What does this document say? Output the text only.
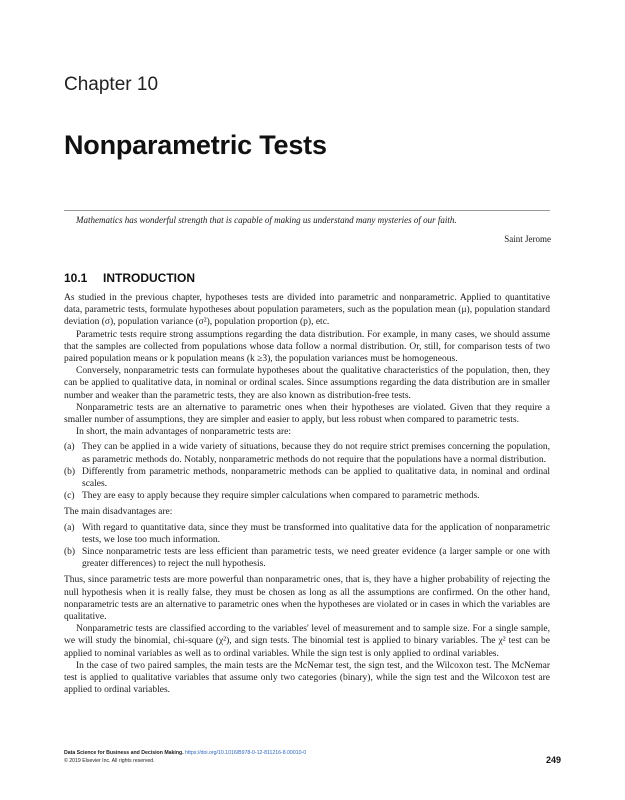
Chapter 10
Nonparametric Tests
Mathematics has wonderful strength that is capable of making us understand many mysteries of our faith.
Saint Jerome
10.1 INTRODUCTION

As studied in the previous chapter, hypotheses tests are divided into parametric and nonparametric. Applied to quantitative data, parametric tests, formulate hypotheses about population parameters, such as the population mean (μ), population standard deviation (σ), population variance (σ²), population proportion (p), etc.

Parametric tests require strong assumptions regarding the data distribution. For example, in many cases, we should assume that the samples are collected from populations whose data follow a normal distribution. Or, still, for comparison tests of two paired population means or k population means (k ≥3), the population variances must be homogeneous.

Conversely, nonparametric tests can formulate hypotheses about the qualitative characteristics of the population, then, they can be applied to qualitative data, in nominal or ordinal scales. Since assumptions regarding the data distribution are in smaller number and weaker than the parametric tests, they are also known as distribution-free tests.

Nonparametric tests are an alternative to parametric ones when their hypotheses are violated. Given that they require a smaller number of assumptions, they are simpler and easier to apply, but less robust when compared to parametric tests.

In short, the main advantages of nonparametric tests are:

(a) They can be applied in a wide variety of situations, because they do not require strict premises concerning the population, as parametric methods do. Notably, nonparametric methods do not require that the populations have a normal distribution.
(b) Differently from parametric methods, nonparametric methods can be applied to qualitative data, in nominal and ordinal scales.
(c) They are easy to apply because they require simpler calculations when compared to parametric methods.

The main disadvantages are:

(a) With regard to quantitative data, since they must be transformed into qualitative data for the application of nonparametric tests, we lose too much information.
(b) Since nonparametric tests are less efficient than parametric tests, we need greater evidence (a larger sample or one with greater differences) to reject the null hypothesis.

Thus, since parametric tests are more powerful than nonparametric ones, that is, they have a higher probability of rejecting the null hypothesis when it is really false, they must be chosen as long as all the assumptions are confirmed. On the other hand, nonparametric tests are an alternative to parametric ones when the hypotheses are violated or in cases in which the variables are qualitative.

Nonparametric tests are classified according to the variables' level of measurement and to sample size. For a single sample, we will study the binomial, chi-square (χ²), and sign tests. The binomial test is applied to binary variables. The χ² test can be applied to nominal variables as well as to ordinal variables. While the sign test is only applied to ordinal variables.

In the case of two paired samples, the main tests are the McNemar test, the sign test, and the Wilcoxon test. The McNemar test is applied to qualitative variables that assume only two categories (binary), while the sign test and the Wilcoxon test are applied to ordinal variables.

Data Science for Business and Decision Making. https://doi.org/10.1016/B978-0-12-811216-8.00010-0
© 2019 Elsevier Inc. All rights reserved.	249
